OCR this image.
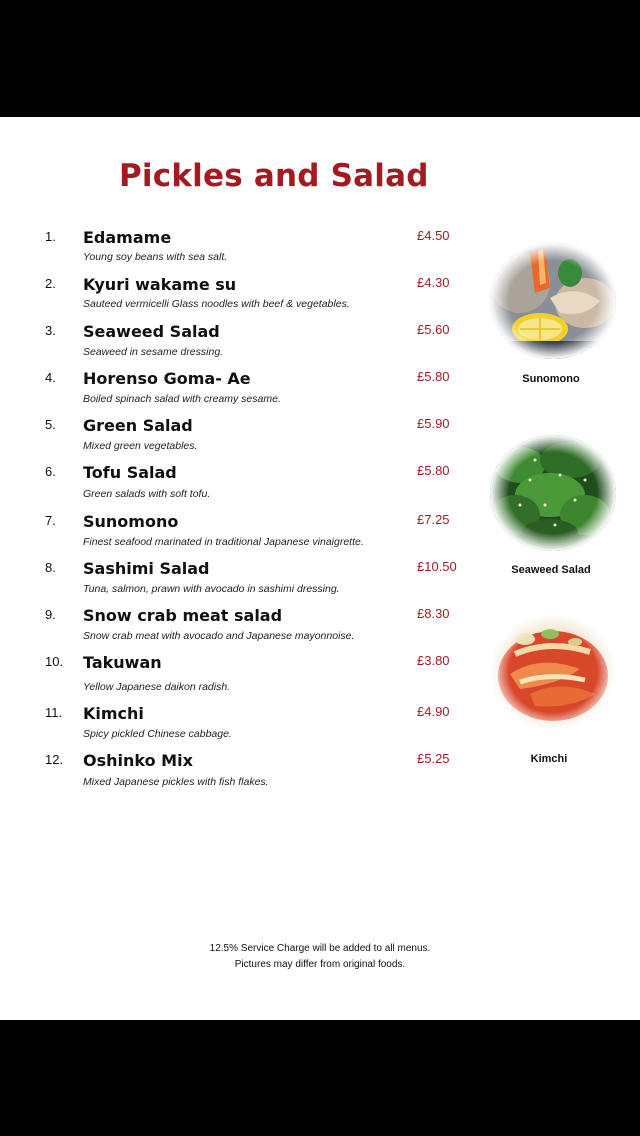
Pickles and Salad
1. Edamame
Young soy beans with sea salt.
£4.50
2. Kyuri wakame su
Sauteed vermicelli Glass noodles with beef & vegetables.
£4.30
3. Seaweed Salad
Seaweed in sesame dressing.
£5.60
4. Horenso Goma- Ae
Boiled spinach salad with creamy sesame.
£5.80
5. Green Salad
Mixed green vegetables.
£5.90
6. Tofu Salad
Green salads with soft tofu.
£5.80
7. Sunomono
Finest seafood marinated in traditional Japanese vinaigrette.
£7.25
8. Sashimi Salad
Tuna, salmon, prawn with avocado in sashimi dressing.
£10.50
9. Snow crab meat salad
Snow crab meat with avocado and Japanese mayonnoise.
£8.30
10. Takuwan
Yellow Japanese daikon radish.
£3.80
11. Kimchi
Spicy pickled Chinese cabbage.
£4.90
12. Oshinko Mix
Mixed Japanese pickles with fish flakes.
£5.25
Sunomono
Seaweed Salad
Kimchi
12.5% Service Charge will be added to all menus.
Pictures may differ from original foods.
